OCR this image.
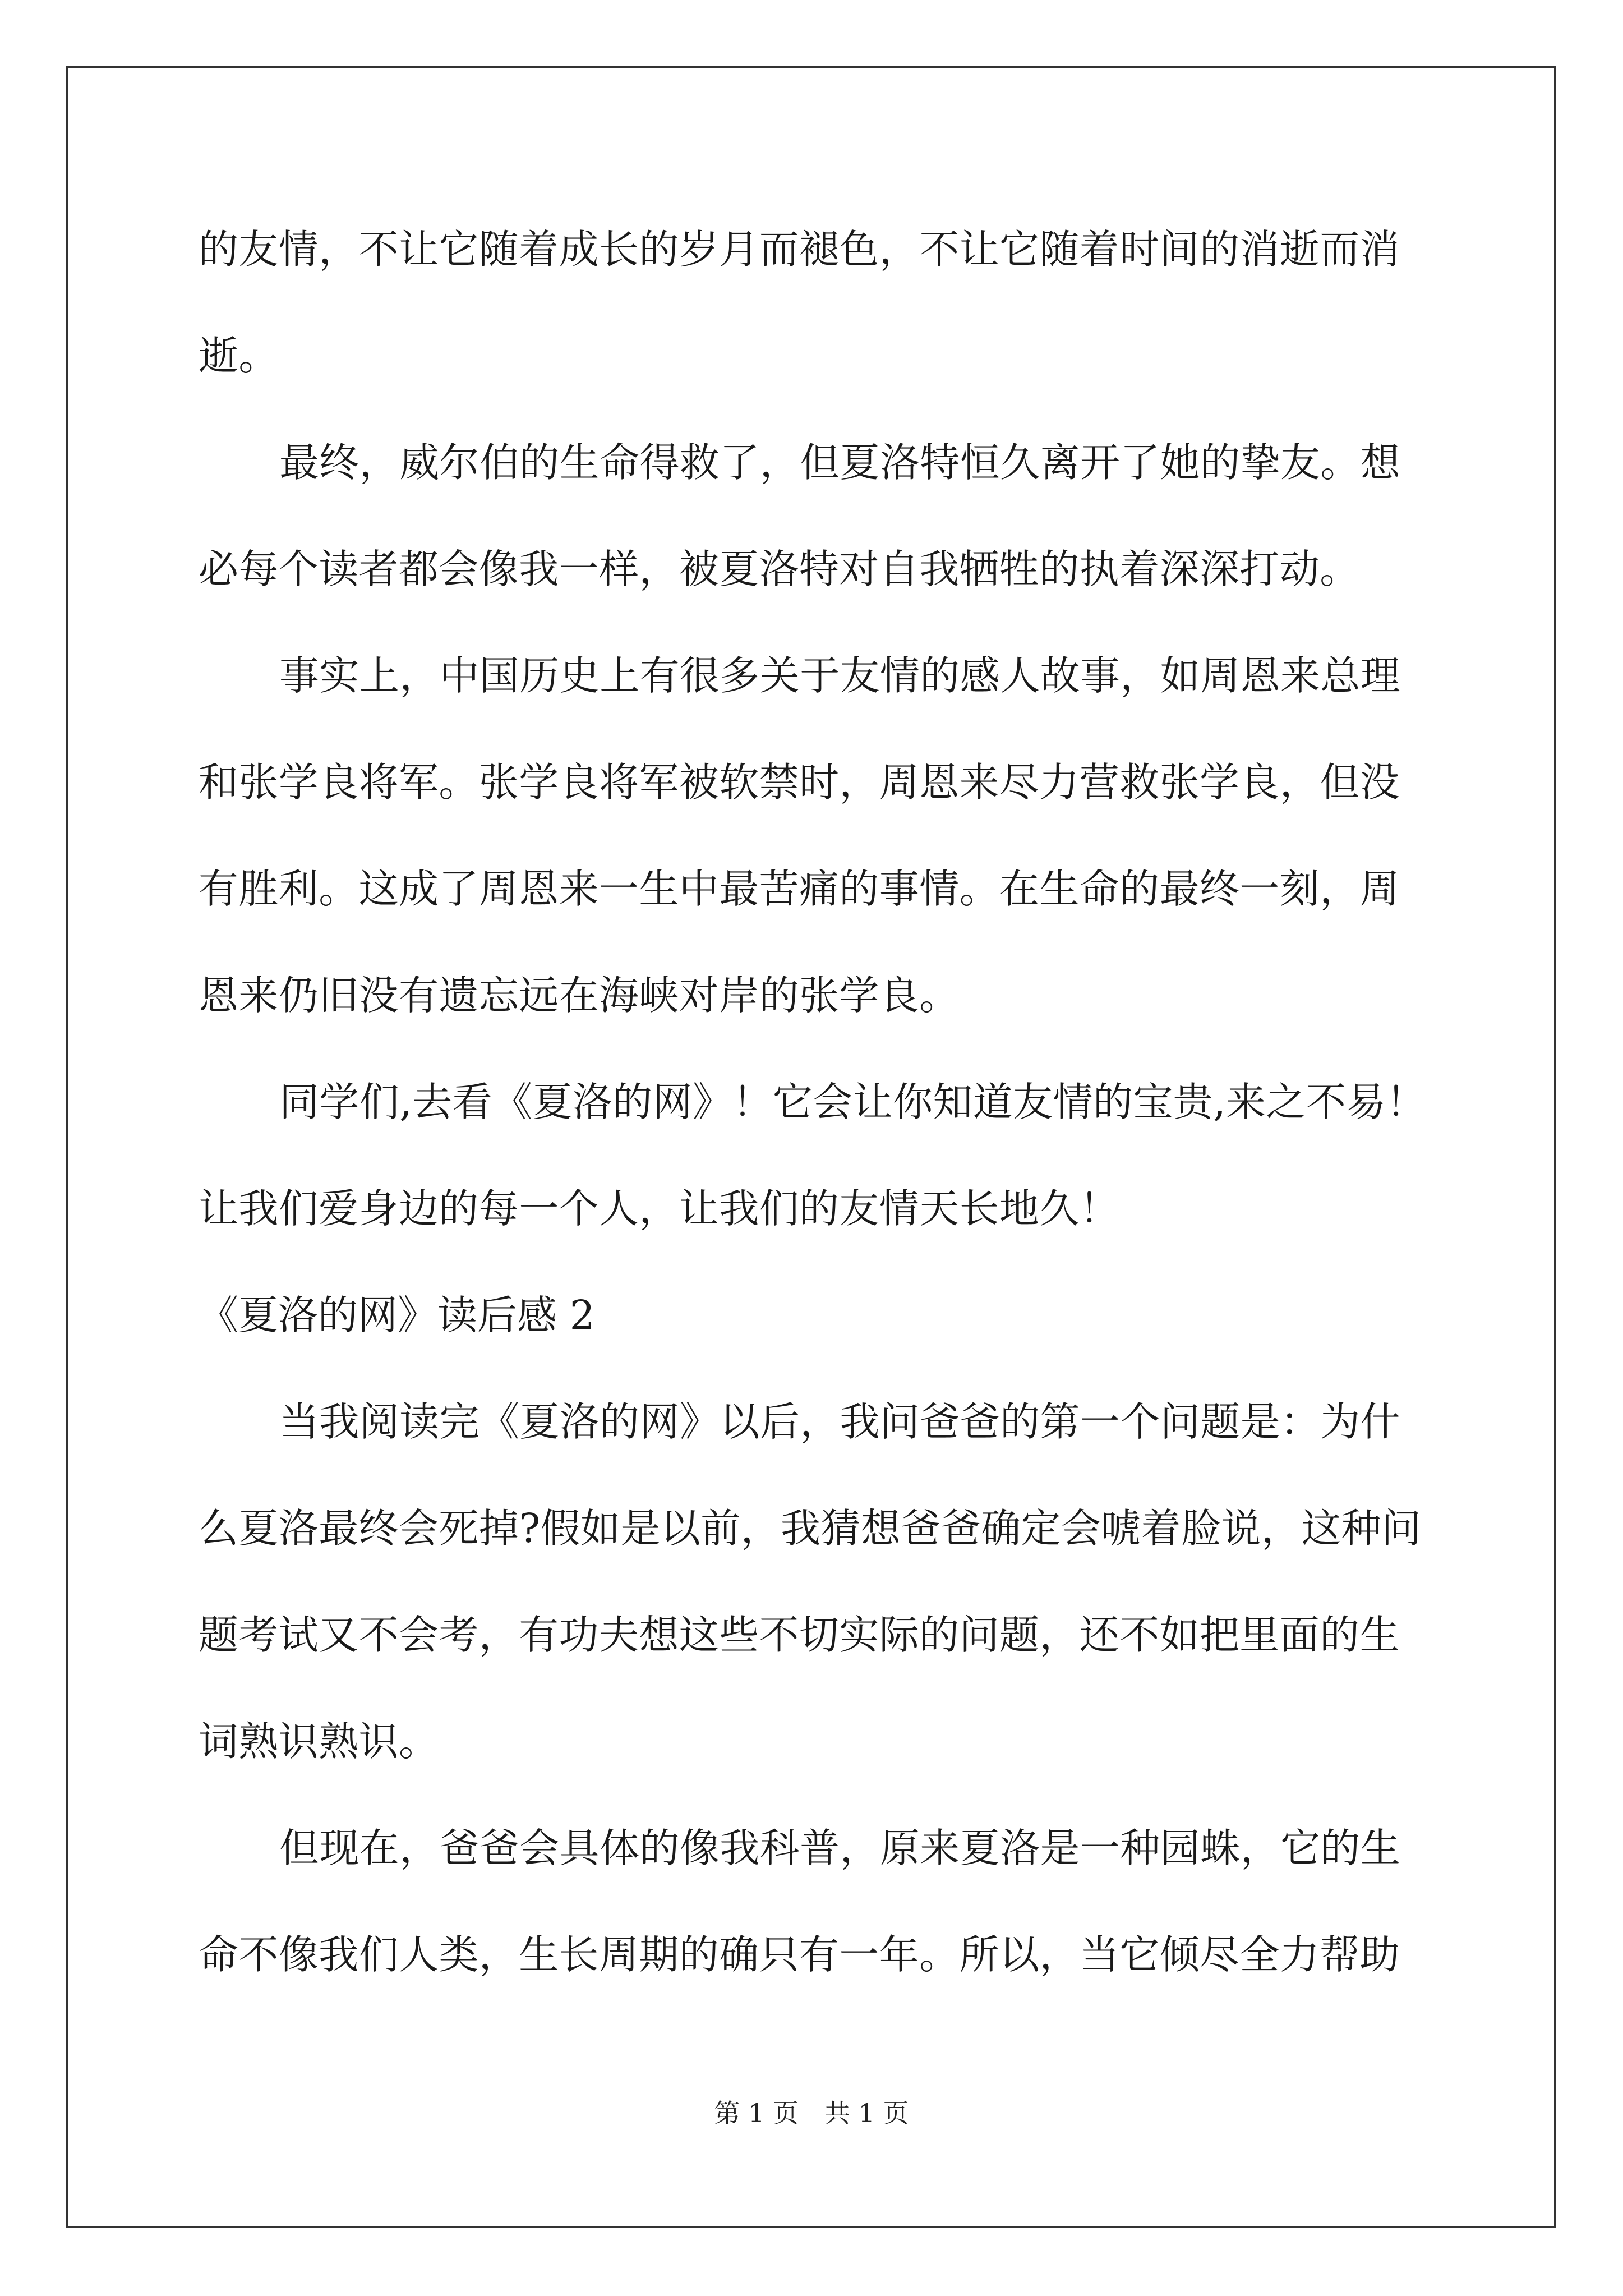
的友情，不让它随着成长的岁月而褪色，不让它随着时间的消逝而消
逝。
最终，威尔伯的生命得救了，但夏洛特恒久离开了她的挚友。想
必每个读者都会像我一样，被夏洛特对自我牺牲的执着深深打动。
事实上，中国历史上有很多关于友情的感人故事，如周恩来总理
和张学良将军。张学良将军被软禁时，周恩来尽力营救张学良，但没
有胜利。这成了周恩来一生中最苦痛的事情。在生命的最终一刻，周
恩来仍旧没有遗忘远在海峡对岸的张学良。
同学们,去看《夏洛的网》！它会让你知道友情的宝贵,来之不易！
让我们爱身边的每一个人，让我们的友情天长地久！
《夏洛的网》读后感 2
当我阅读完《夏洛的网》以后，我问爸爸的第一个问题是：为什
么夏洛最终会死掉?假如是以前，我猜想爸爸确定会唬着脸说，这种问
题考试又不会考，有功夫想这些不切实际的问题，还不如把里面的生
词熟识熟识。
但现在，爸爸会具体的像我科普，原来夏洛是一种园蛛，它的生
命不像我们人类，生长周期的确只有一年。所以，当它倾尽全力帮助
第 1 页 共 1 页
